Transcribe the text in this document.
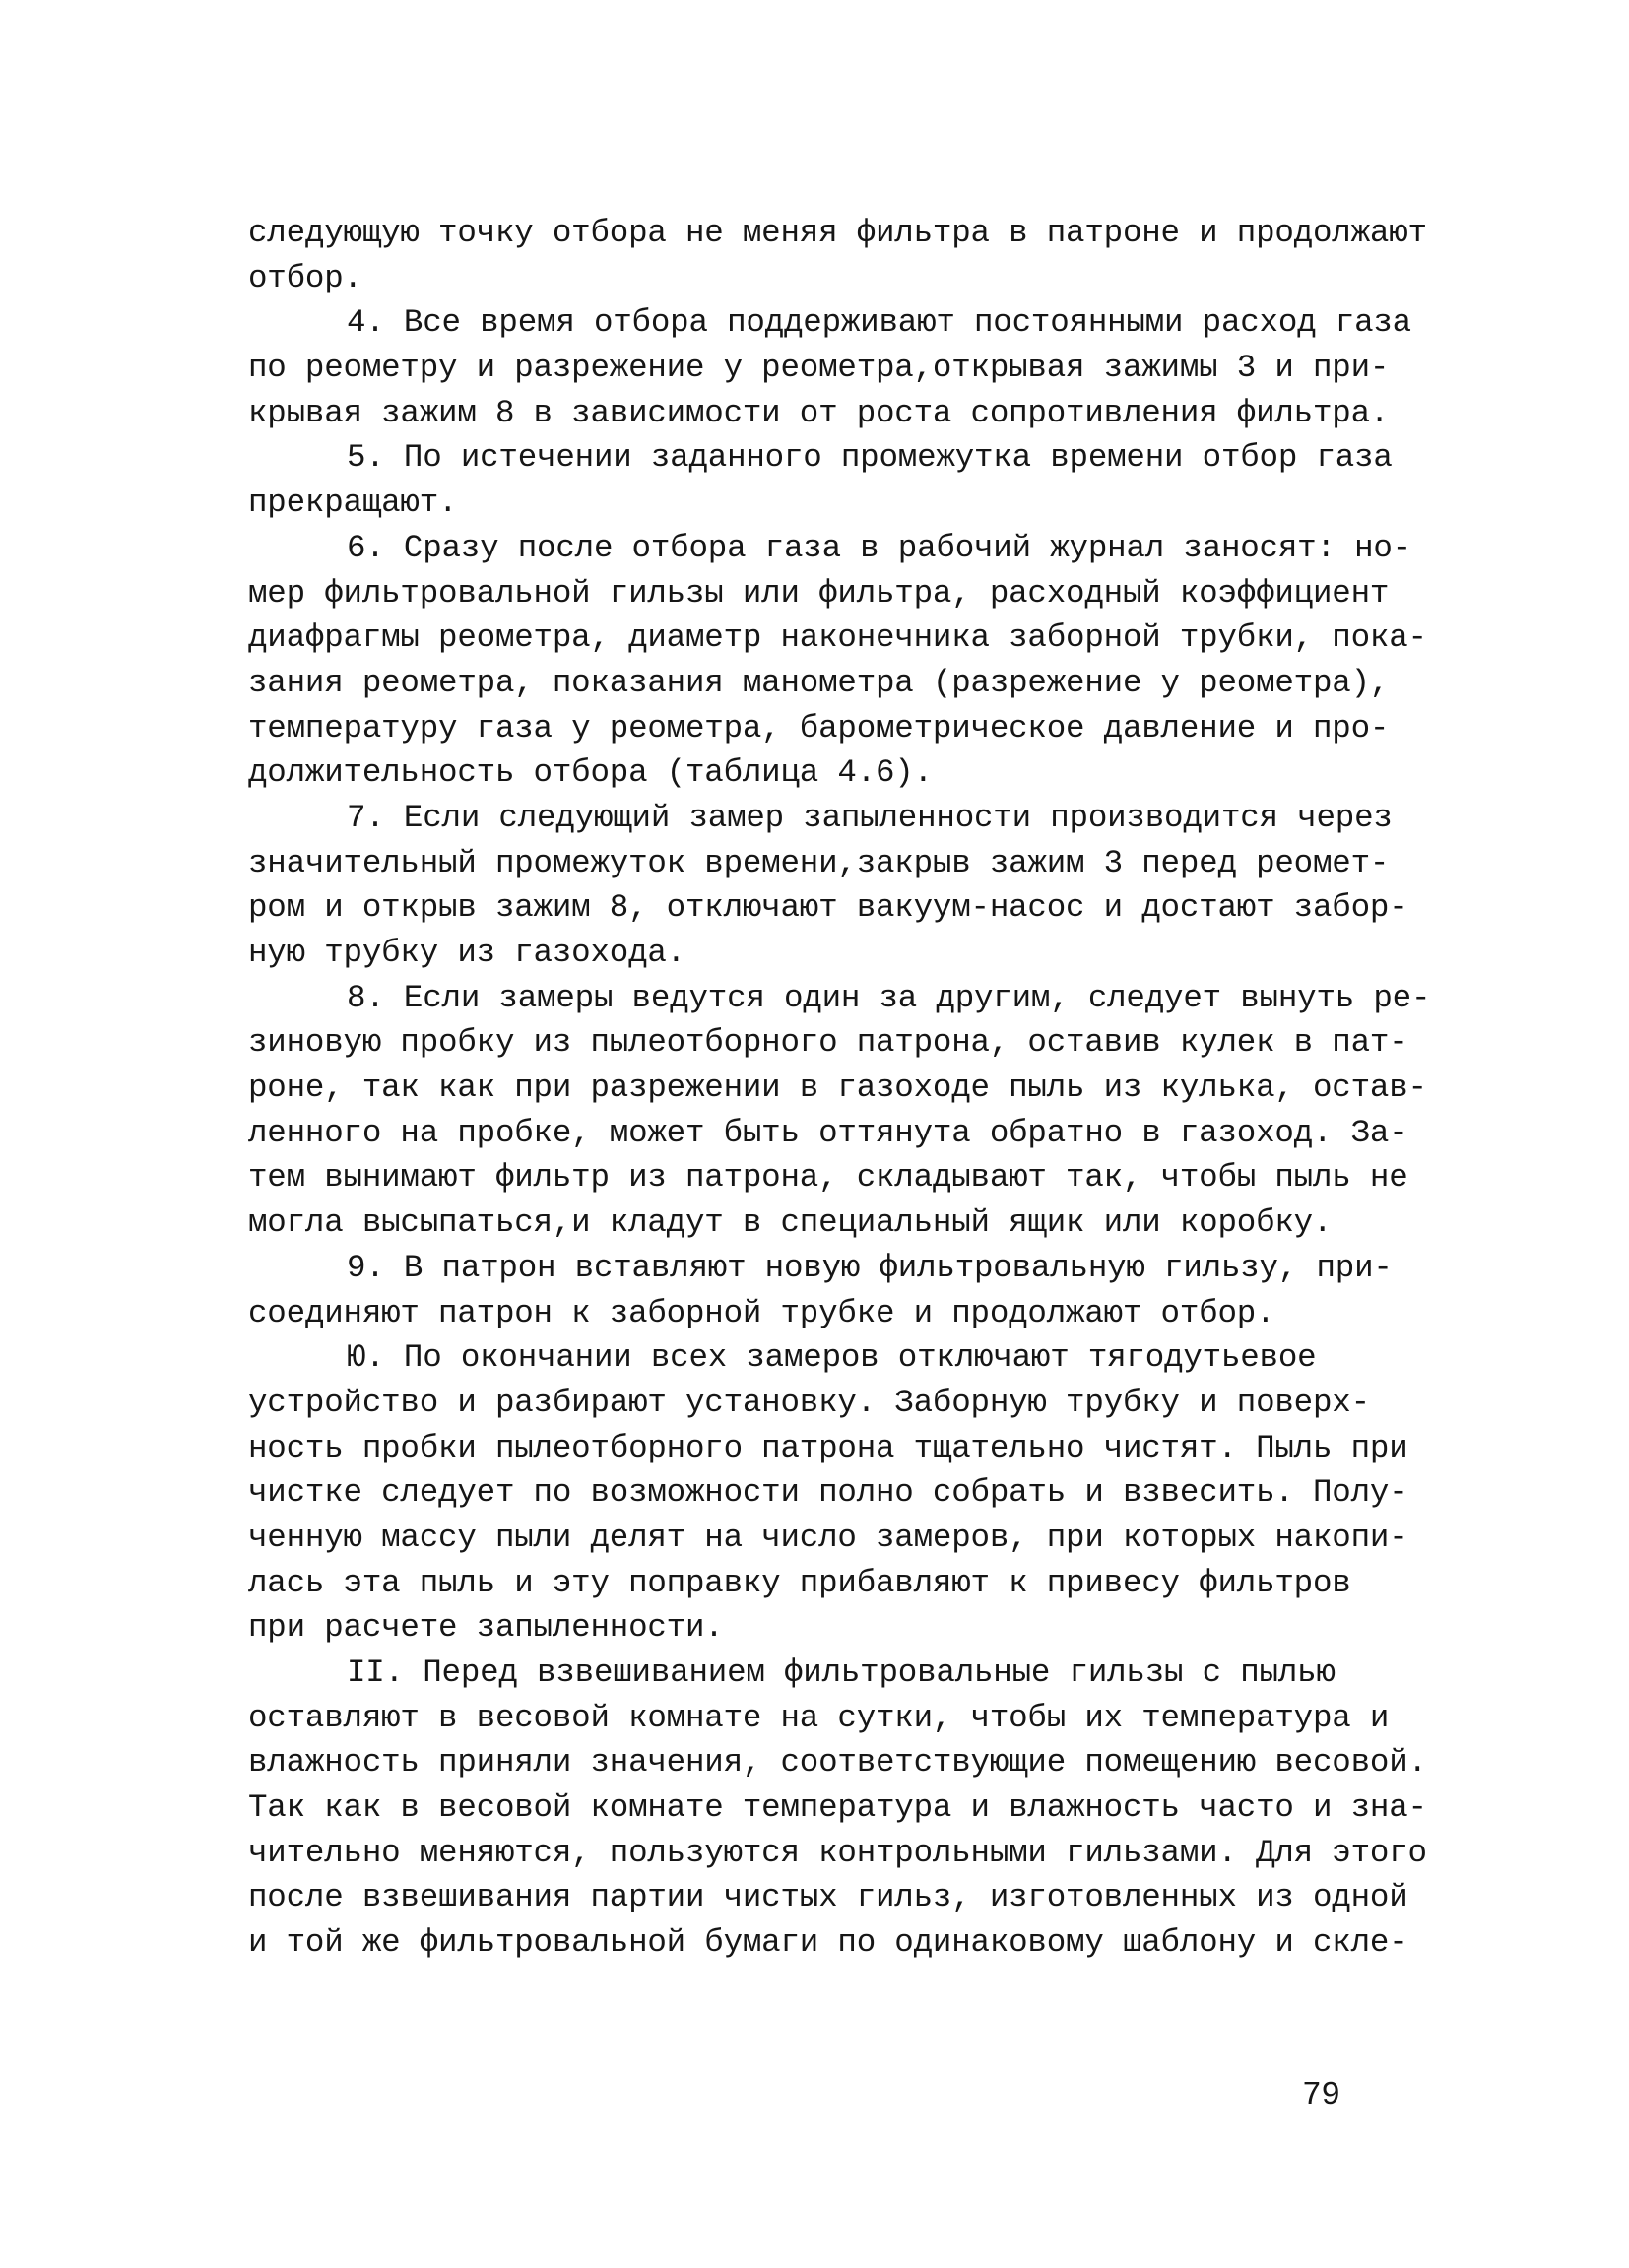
следующую точку отбора не меняя фильтра в патроне и продолжают
отбор.
4. Все время отбора поддерживают постоянными расход газа
по реометру и разрежение у реометра,открывая зажимы 3 и при-
крывая зажим 8 в зависимости от роста сопротивления фильтра.
5. По истечении заданного промежутка времени отбор газа
прекращают.
6. Сразу после отбора газа в рабочий журнал заносят: но-
мер фильтровальной гильзы или фильтра, расходный коэффициент
диафрагмы реометра, диаметр наконечника заборной трубки, пока-
зания реометра, показания манометра (разрежение у реометра),
температуру газа у реометра, барометрическое давление и про-
должительность отбора (таблица 4.6).
7. Если следующий замер запыленности производится через
значительный промежуток времени,закрыв зажим 3 перед реомет-
ром и открыв зажим 8, отключают вакуум-насос и достают забор-
ную трубку из газохода.
8. Если замеры ведутся один за другим, следует вынуть ре-
зиновую пробку из пылеотборного патрона, оставив кулек в пат-
роне, так как при разрежении в газоходе пыль из кулька, остав-
ленного на пробке, может быть оттянута обратно в газоход. За-
тем вынимают фильтр из патрона, складывают так, чтобы пыль не
могла высыпаться,и кладут в специальный ящик или коробку.
9. В патрон вставляют новую фильтровальную гильзу, при-
соединяют патрон к заборной трубке и продолжают отбор.
Ю. По окончании всех замеров отключают тягодутьевое
устройство и разбирают установку. Заборную трубку и поверх-
ность пробки пылеотборного патрона тщательно чистят. Пыль при
чистке следует по возможности полно собрать и взвесить. Полу-
ченную массу пыли делят на число замеров, при которых накопи-
лась эта пыль и эту поправку прибавляют к привесу фильтров
при расчете запыленности.
II. Перед взвешиванием фильтровальные гильзы с пылью
оставляют в весовой комнате на сутки, чтобы их температура и
влажность приняли значения, соответствующие помещению весовой.
Так как в весовой комнате температура и влажность часто и зна-
чительно меняются, пользуются контрольными гильзами. Для этого
после взвешивания партии чистых гильз, изготовленных из одной
и той же фильтровальной бумаги по одинаковому шаблону и скле-
79
